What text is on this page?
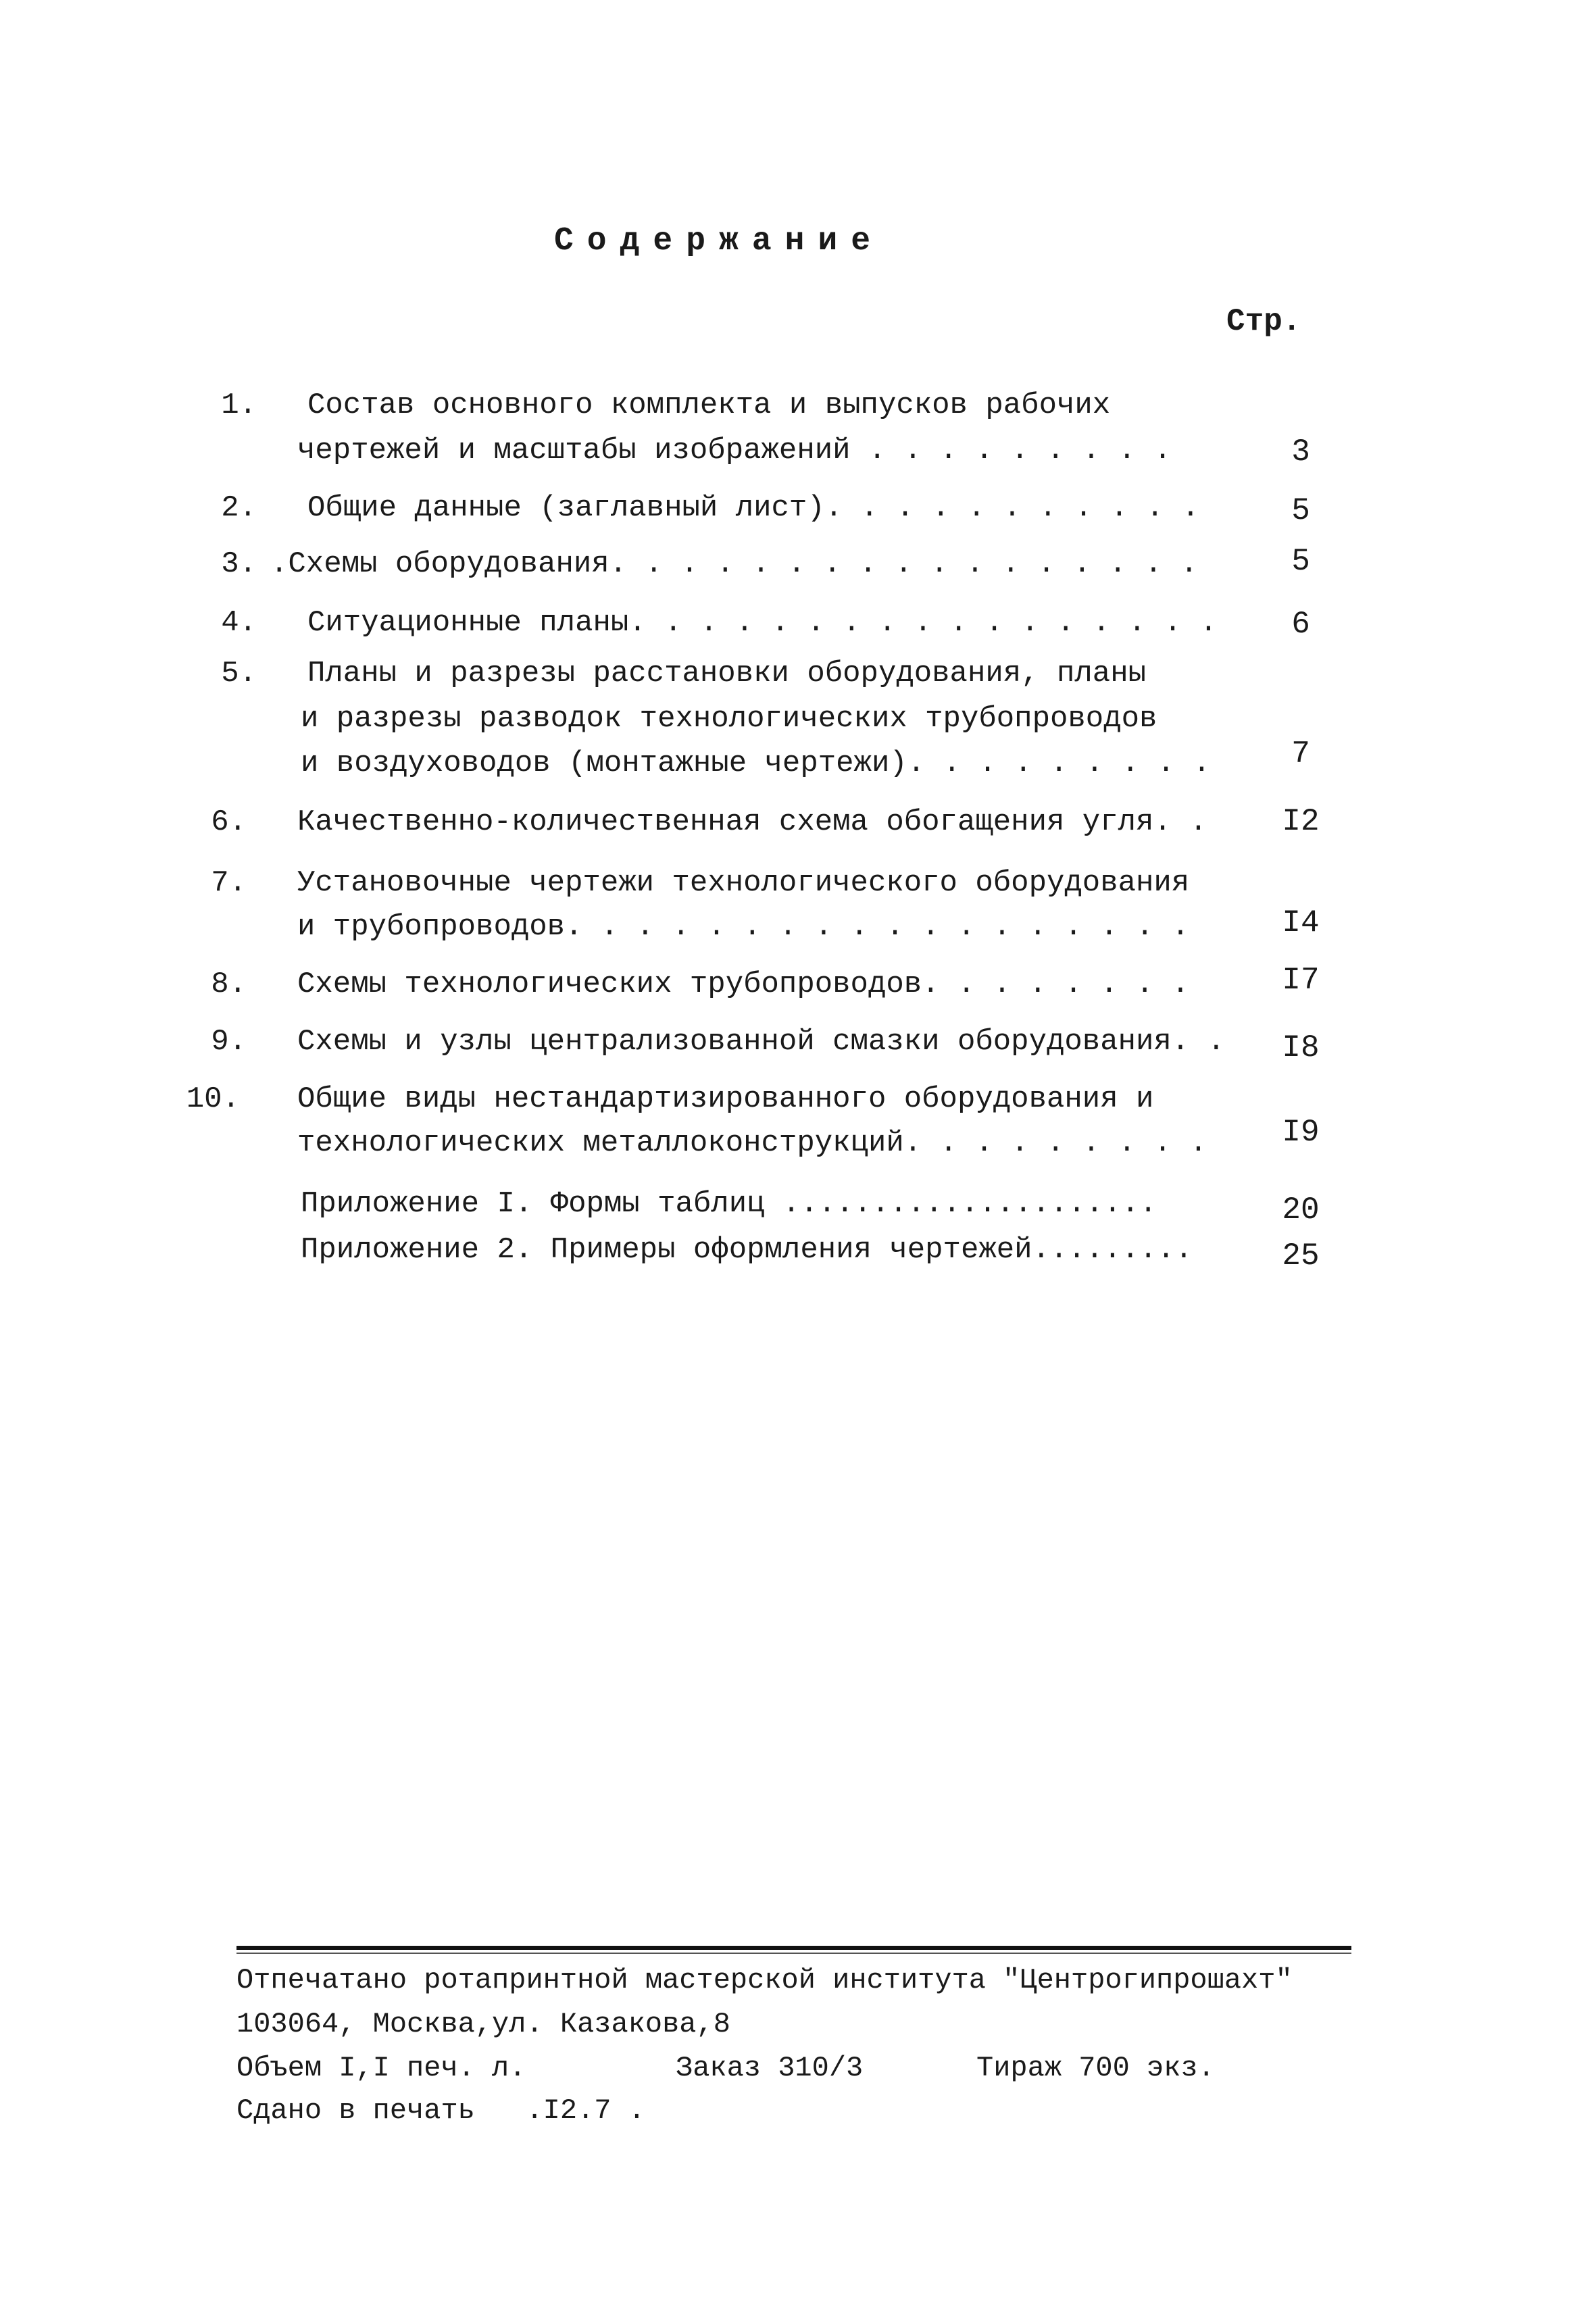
Содержание
Стр.
1. Состав основного комплекта и выпусков рабочих
чертежей и масштабы изображений . . . . . . . . .	3
2. Общие данные (заглавный лист). . . . . . . . . . .	5
3. .Схемы оборудования. . . . . . . . . . . . . . . . .	5
4. Ситуационные планы. . . . . . . . . . . . . . . . .	6
5. Планы и разрезы расстановки оборудования, планы
и разрезы разводок технологических трубопроводов
и воздуховодов (монтажные чертежи). . . . . . . . .	7
6. Качественно-количественная схема обогащения угля. .	I2
7. Установочные чертежи технологического оборудования
и трубопроводов. . . . . . . . . . . . . . . . . .	I4
8. Схемы технологических трубопроводов. . . . . . . .	I7
9. Схемы и узлы централизованной смазки оборудования. .	I8
10. Общие виды нестандартизированного оборудования и
технологических металлоконструкций. . . . . . . . .	I9
Приложение I. Формы таблиц .....................	20
Приложение 2. Примеры оформления чертежей.........	25
Отпечатано ротапринтной мастерской института "Центрогипрошахт"
103064, Москва,ул. Казакова,8
Объем I,I печ. л.	Заказ 310/3	Тираж 700 экз.
Сдано в печать   .I2.7 .
